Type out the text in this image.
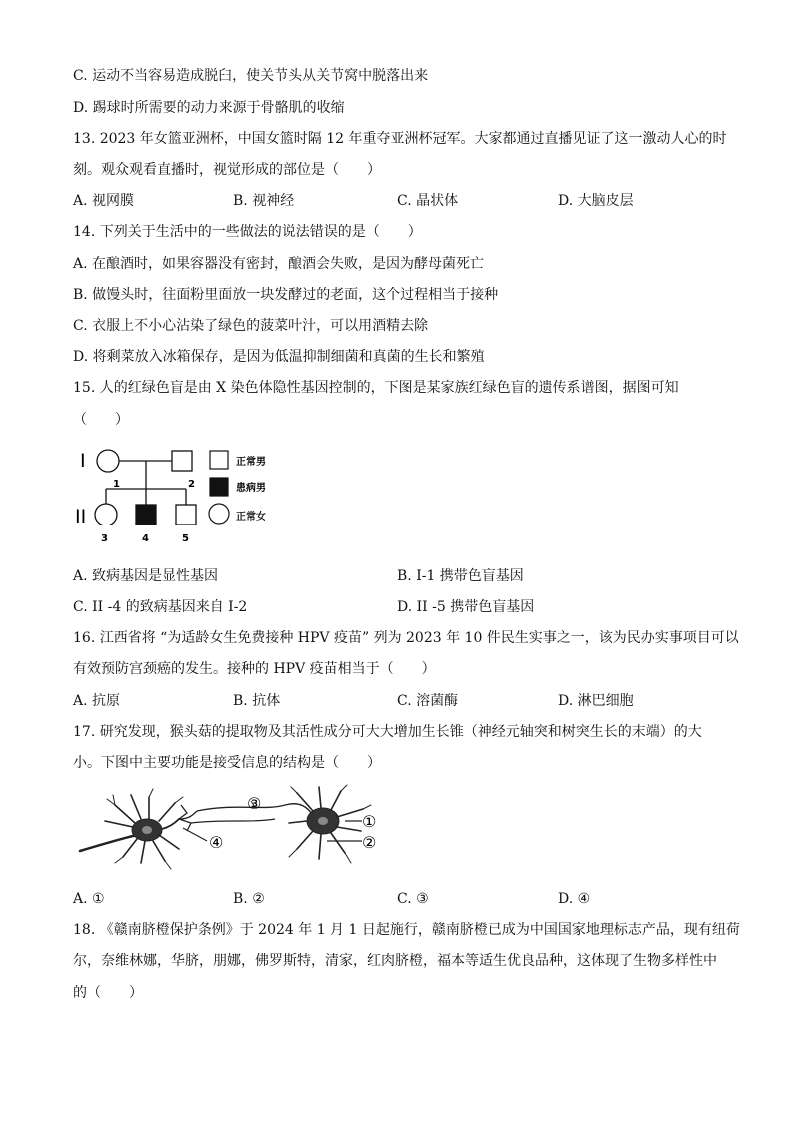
C. 运动不当容易造成脱臼，使关节头从关节窝中脱落出来
D. 踢球时所需要的动力来源于骨骼肌的收缩
13. 2023 年女篮亚洲杯，中国女篮时隔 12 年重夺亚洲杯冠军。大家都通过直播见证了这一激动人心的时
刻。观众观看直播时，视觉形成的部位是（　　）
A. 视网膜	B. 视神经	C. 晶状体	D. 大脑皮层
14. 下列关于生活中的一些做法的说法错误的是（　　）
A. 在酿酒时，如果容器没有密封，酿酒会失败，是因为酵母菌死亡
B. 做馒头时，往面粉里面放一块发酵过的老面，这个过程相当于接种
C. 衣服上不小心沾染了绿色的菠菜叶汁，可以用酒精去除
D. 将剩菜放入冰箱保存，是因为低温抑制细菌和真菌的生长和繁殖
15. 人的红绿色盲是由 X 染色体隐性基因控制的，下图是某家族红绿色盲的遗传系谱图，据图可知
（　　）
I
1	2
II
正常男
患病男
3	4	5
正常女
A. 致病基因是显性基因	B. I-1 携带色盲基因
C. II -4 的致病基因来自 I-2	D. II -5 携带色盲基因
16. 江西省将 “为适龄女生免费接种 HPV 疫苗” 列为 2023 年 10 件民生实事之一，该为民办实事项目可以
有效预防宫颈癌的发生。接种的 HPV 疫苗相当于（　　）
A. 抗原	B. 抗体	C. 溶菌酶	D. 淋巴细胞
17. 研究发现，猴头菇的提取物及其活性成分可大大增加生长锥（神经元轴突和树突生长的末端）的大
小。下图中主要功能是接受信息的结构是（　　）
③
①
②
④
A. ①	B. ②	C. ③	D. ④
18. 《赣南脐橙保护条例》于 2024 年 1 月 1 日起施行，赣南脐橙已成为中国国家地理标志产品，现有纽荷
尔，奈维林娜，华脐，朋娜，佛罗斯特，清家，红肉脐橙，福本等适生优良品种，这体现了生物多样性中
的（　　）
